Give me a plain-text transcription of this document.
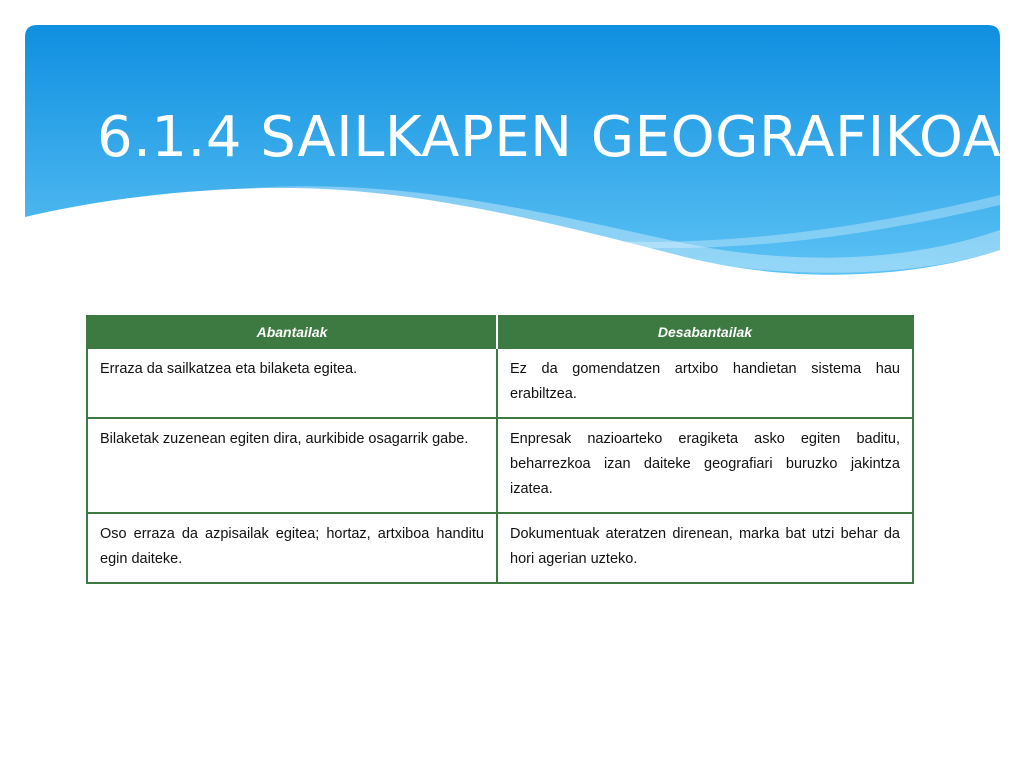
6.1.4 SAILKAPEN GEOGRAFIKOA
Abantailak	Desabantailak
Erraza da sailkatzea eta bilaketa egitea.	Ez da gomendatzen artxibo handietan sistema hau erabiltzea.
Bilaketak zuzenean egiten dira, aurkibide osagarrik gabe.	Enpresak nazioarteko eragiketa asko egiten baditu, beharrezkoa izan daiteke geografiari buruzko jakintza izatea.
Oso erraza da azpisailak egitea; hortaz, artxiboa handitu egin daiteke.	Dokumentuak ateratzen direnean, marka bat utzi behar da hori agerian uzteko.
